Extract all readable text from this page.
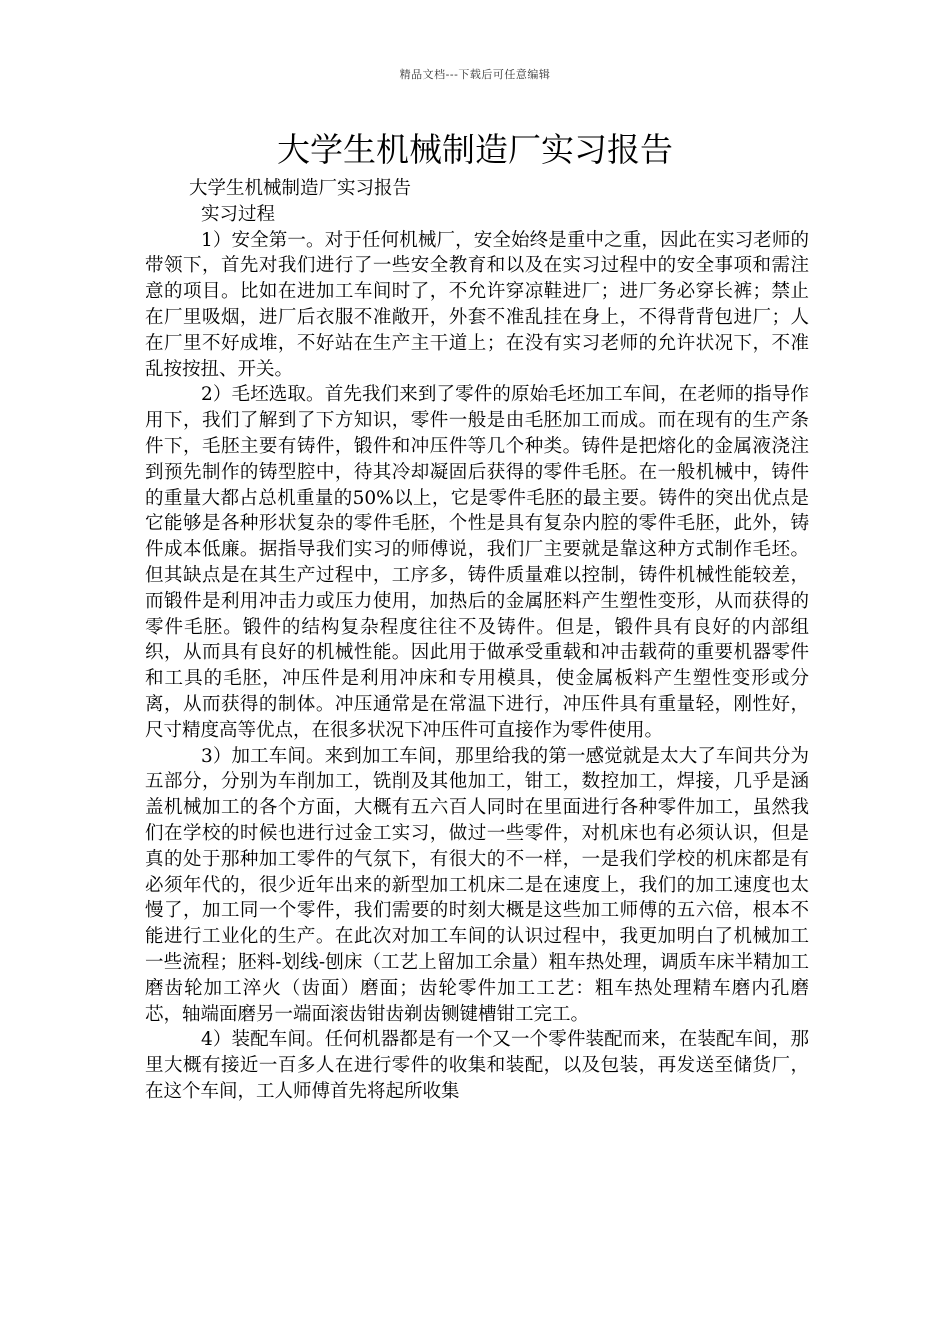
精品文档---下载后可任意编辑
大学生机械制造厂实习报告

大学生机械制造厂实习报告

实习过程

1）安全第一。对于任何机械厂，安全始终是重中之重，因此在实习老师的带领下，首先对我们进行了一些安全教育和以及在实习过程中的安全事项和需注意的项目。比如在进加工车间时了，不允许穿凉鞋进厂；进厂务必穿长裤；禁止在厂里吸烟，进厂后衣服不准敞开，外套不准乱挂在身上，不得背背包进厂；人在厂里不好成堆，不好站在生产主干道上；在没有实习老师的允许状况下，不准乱按按扭、开关。

2）毛坯选取。首先我们来到了零件的原始毛坯加工车间，在老师的指导作用下，我们了解到了下方知识，零件一般是由毛胚加工而成。而在现有的生产条件下，毛胚主要有铸件，锻件和冲压件等几个种类。铸件是把熔化的金属液浇注到预先制作的铸型腔中，待其冷却凝固后获得的零件毛胚。在一般机械中，铸件的重量大都占总机重量的50%以上，它是零件毛胚的最主要。铸件的突出优点是它能够是各种形状复杂的零件毛胚，个性是具有复杂内腔的零件毛胚，此外，铸件成本低廉。据指导我们实习的师傅说，我们厂主要就是靠这种方式制作毛坯。但其缺点是在其生产过程中，工序多，铸件质量难以控制，铸件机械性能较差，而锻件是利用冲击力或压力使用，加热后的金属胚料产生塑性变形，从而获得的零件毛胚。锻件的结构复杂程度往往不及铸件。但是，锻件具有良好的内部组织，从而具有良好的机械性能。因此用于做承受重载和冲击载荷的重要机器零件和工具的毛胚，冲压件是利用冲床和专用模具，使金属板料产生塑性变形或分离，从而获得的制体。冲压通常是在常温下进行，冲压件具有重量轻，刚性好，尺寸精度高等优点，在很多状况下冲压件可直接作为零件使用。

3）加工车间。来到加工车间，那里给我的第一感觉就是太大了车间共分为五部分，分别为车削加工，铣削及其他加工，钳工，数控加工，焊接，几乎是涵盖机械加工的各个方面，大概有五六百人同时在里面进行各种零件加工，虽然我们在学校的时候也进行过金工实习，做过一些零件，对机床也有必须认识，但是真的处于那种加工零件的气氛下，有很大的不一样，一是我们学校的机床都是有必须年代的，很少近年出来的新型加工机床二是在速度上，我们的加工速度也太慢了，加工同一个零件，我们需要的时刻大概是这些加工师傅的五六倍，根本不能进行工业化的生产。在此次对加工车间的认识过程中，我更加明白了机械加工一些流程；胚料-划线-刨床（工艺上留加工余量）粗车热处理，调质车床半精加工磨齿轮加工淬火（齿面）磨面；齿轮零件加工工艺：粗车热处理精车磨内孔磨芯，轴端面磨另一端面滚齿钳齿剃齿铡键槽钳工完工。

4）装配车间。任何机器都是有一个又一个零件装配而来，在装配车间，那里大概有接近一百多人在进行零件的收集和装配，以及包装，再发送至储货厂，在这个车间，工人师傅首先将起所收集
